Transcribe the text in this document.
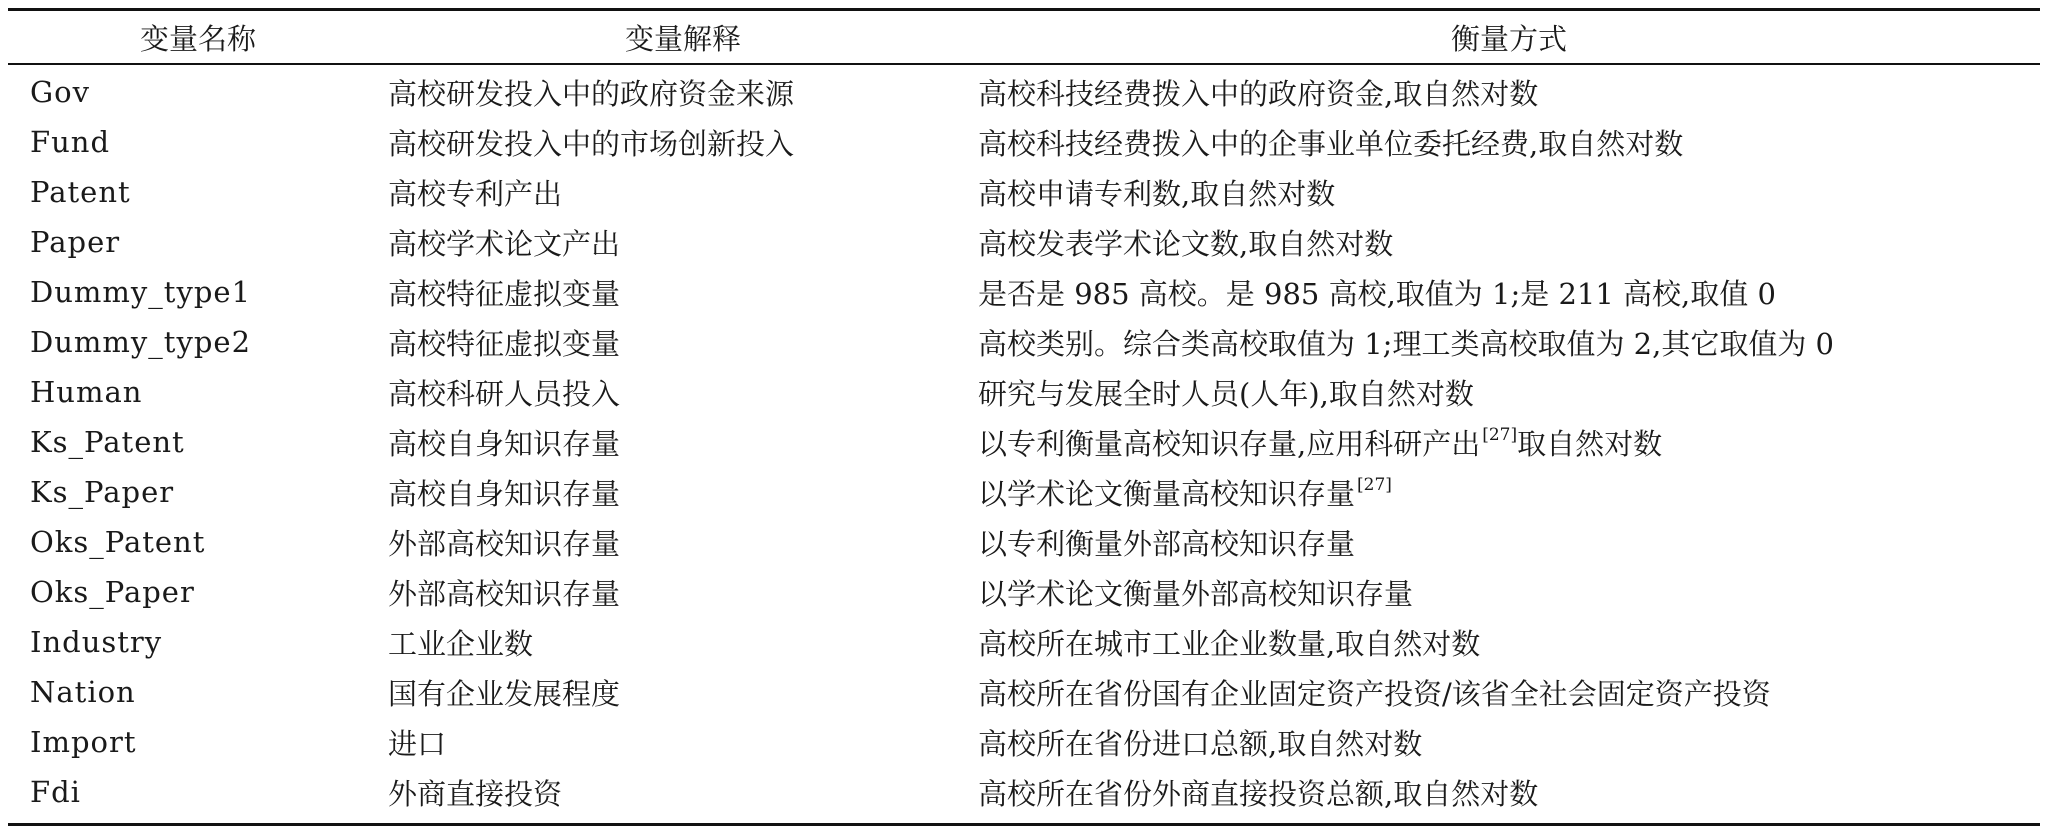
变量名称	变量解释	衡量方式
Gov	高校研发投入中的政府资金来源	高校科技经费拨入中的政府资金,取自然对数
Fund	高校研发投入中的市场创新投入	高校科技经费拨入中的企事业单位委托经费,取自然对数
Patent	高校专利产出	高校申请专利数,取自然对数
Paper	高校学术论文产出	高校发表学术论文数,取自然对数
Dummy_type1	高校特征虚拟变量	是否是 985 高校。是 985 高校,取值为 1;是 211 高校,取值 0
Dummy_type2	高校特征虚拟变量	高校类别。综合类高校取值为 1;理工类高校取值为 2,其它取值为 0
Human	高校科研人员投入	研究与发展全时人员(人年),取自然对数
Ks_Patent	高校自身知识存量	以专利衡量高校知识存量,应用科研产出 [27]取自然对数
Ks_Paper	高校自身知识存量	以学术论文衡量高校知识存量 [27]
Oks_Patent	外部高校知识存量	以专利衡量外部高校知识存量
Oks_Paper	外部高校知识存量	以学术论文衡量外部高校知识存量
Industry	工业企业数	高校所在城市工业企业数量,取自然对数
Nation	国有企业发展程度	高校所在省份国有企业固定资产投资/该省全社会固定资产投资
Import	进口	高校所在省份进口总额,取自然对数
Fdi	外商直接投资	高校所在省份外商直接投资总额,取自然对数
